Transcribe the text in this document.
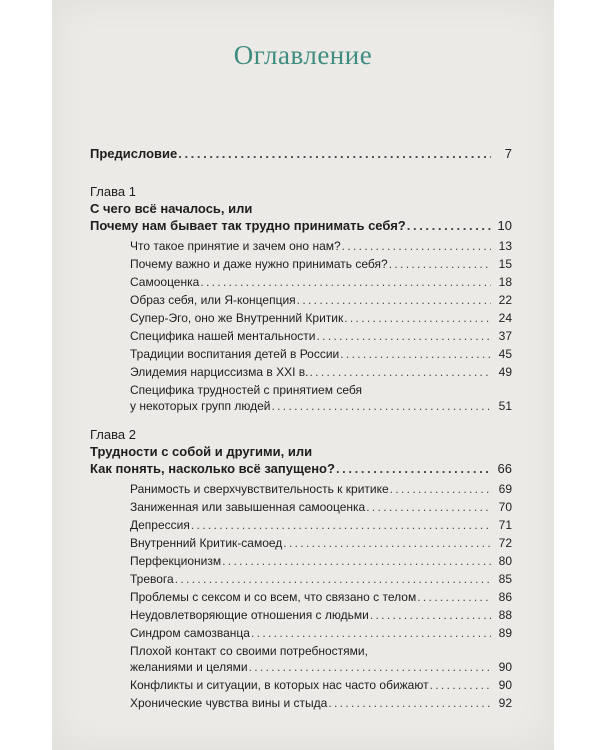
Оглавление
Предисловие . . .	7
Глава 1
С чего всё началось, или
Почему нам бывает так трудно принимать себя? . . .	10
Что такое принятие и зачем оно нам? . . .	13
Почему важно и даже нужно принимать себя? . . .	15
Самооценка . . .	18
Образ себя, или Я-концепция . . .	22
Супер-Эго, оно же Внутренний Критик . . .	24
Специфика нашей ментальности . . .	37
Традиции воспитания детей в России . . .	45
Элидемия нарциссизма в XXI в. . . .	49
Специфика трудностей с принятием себя
у некоторых групп людей . . .	51
Глава 2
Трудности с собой и другими, или
Как понять, насколько всё запущено? . . .	66
Ранимость и сверхчувствительность к критике . . .	69
Заниженная или завышенная самооценка . . .	70
Депрессия . . .	71
Внутренний Критик-самоед . . .	72
Перфекционизм . . .	80
Тревога . . .	85
Проблемы с сексом и со всем, что связано с телом . . .	86
Неудовлетворяющие отношения с людьми . . .	88
Синдром самозванца . . .	89
Плохой контакт со своими потребностями,
желаниями и целями . . .	90
Конфликты и ситуации, в которых нас часто обижают . . .	90
Хронические чувства вины и стыда . . .	92
